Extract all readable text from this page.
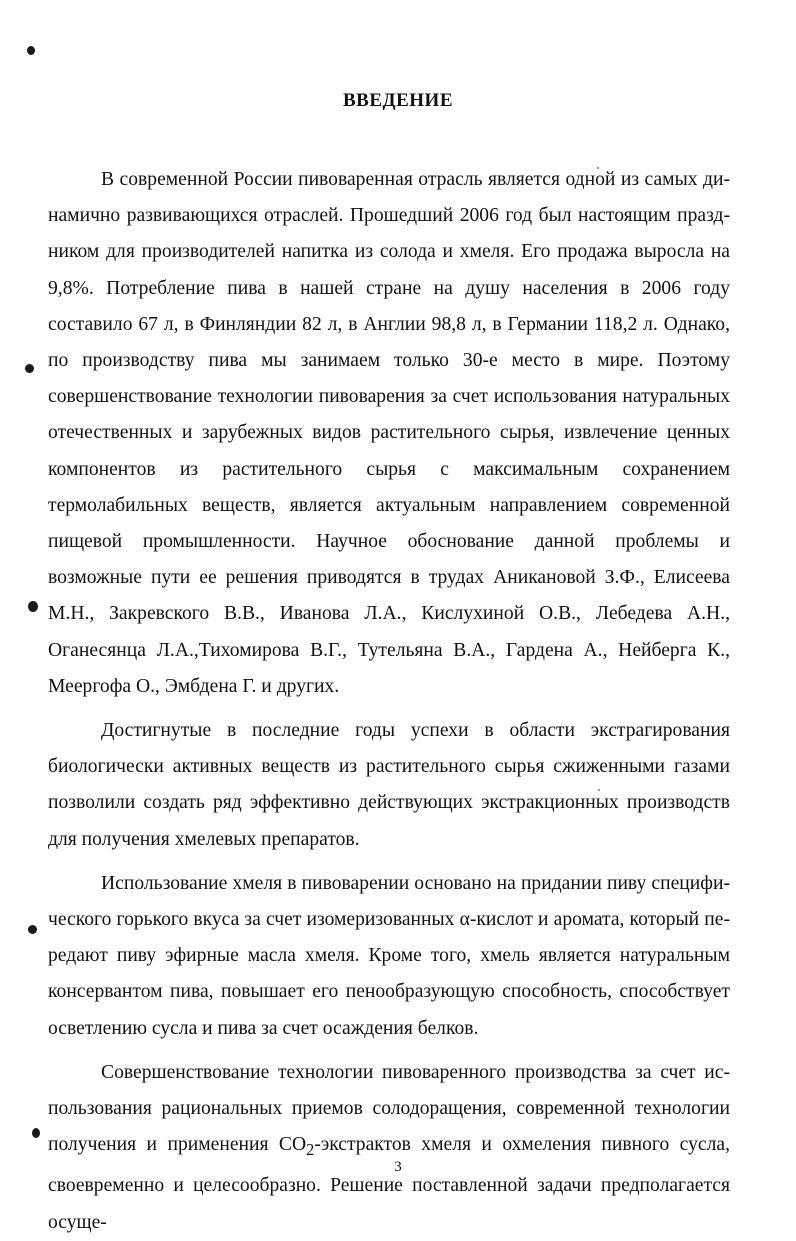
ВВЕДЕНИЕ

В современной России пивоваренная отрасль является одной из самых динамично развивающихся отраслей. Прошедший 2006 год был настоящим праздником для производителей напитка из солода и хмеля. Его продажа выросла на 9,8%. Потребление пива в нашей стране на душу населения в 2006 году составило 67 л, в Финляндии 82 л, в Англии 98,8 л, в Германии 118,2 л. Однако, по производству пива мы занимаем только 30-е место в мире. Поэтому совершенствование технологии пивоварения за счет использования натуральных отечественных и зарубежных видов растительного сырья, извлечение ценных компонентов из растительного сырья с максимальным сохранением термолабильных веществ, является актуальным направлением современной пищевой промышленности. Научное обоснование данной проблемы и возможные пути ее решения приводятся в трудах Аникановой З.Ф., Елисеева М.Н., Закревского В.В., Иванова Л.А., Кислухиной О.В., Лебедева А.Н., Оганесянца Л.А.,Тихомирова В.Г., Тутельяна В.А., Гардена А., Нейберга К., Меергофа О., Эмбдена Г. и других.

Достигнутые в последние годы успехи в области экстрагирования биологически активных веществ из растительного сырья сжиженными газами позволили создать ряд эффективно действующих экстракционных производств для получения хмелевых препаратов.

Использование хмеля в пивоварении основано на придании пиву специфического горького вкуса за счет изомеризованных α-кислот и аромата, который передают пиву эфирные масла хмеля. Кроме того, хмель является натуральным консервантом пива, повышает его пенообразующую способность, способствует осветлению сусла и пива за счет осаждения белков.

Совершенствование технологии пивоваренного производства за счет использования рациональных приемов солодоращения, современной технологии получения и применения $CO_2$-экстрактов хмеля и охмеления пивного сусла, своевременно и целесообразно. Решение поставленной задачи предполагается осуще-

3
